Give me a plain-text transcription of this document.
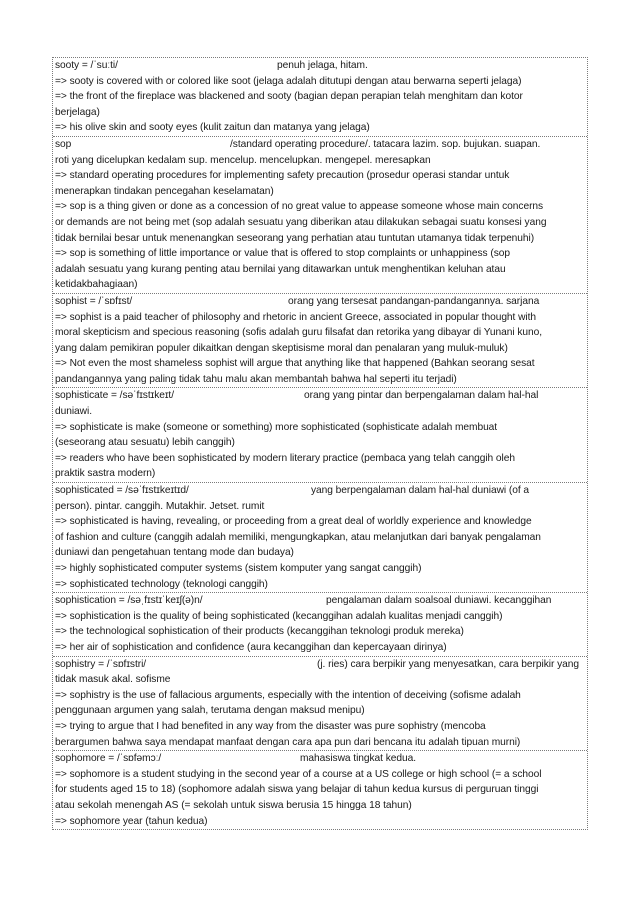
sooty = /ˈsuːti/	penuh jelaga, hitam.
=> sooty is covered with or colored like soot (jelaga adalah ditutupi dengan atau berwarna seperti jelaga)
=> the front of the fireplace was blackened and sooty (bagian depan perapian telah menghitam dan kotor
berjelaga)
=> his olive skin and sooty eyes (kulit zaitun dan matanya yang jelaga)
sop	/standard operating procedure/. tatacara lazim. sop. bujukan. suapan.
roti yang dicelupkan kedalam sup. mencelup. mencelupkan. mengepel. meresapkan
=> standard operating procedures for implementing safety precaution (prosedur operasi standar untuk
menerapkan tindakan pencegahan keselamatan)
=> sop is a thing given or done as a concession of no great value to appease someone whose main concerns
or demands are not being met (sop adalah sesuatu yang diberikan atau dilakukan sebagai suatu konsesi yang
tidak bernilai besar untuk menenangkan seseorang yang perhatian atau tuntutan utamanya tidak terpenuhi)
=> sop is something of little importance or value that is offered to stop complaints or unhappiness (sop
adalah sesuatu yang kurang penting atau bernilai yang ditawarkan untuk menghentikan keluhan atau
ketidakbahagiaan)
sophist = /ˈsɒfɪst/	orang yang tersesat pandangan-pandangannya. sarjana
=> sophist is a paid teacher of philosophy and rhetoric in ancient Greece, associated in popular thought with
moral skepticism and specious reasoning (sofis adalah guru filsafat dan retorika yang dibayar di Yunani kuno,
yang dalam pemikiran populer dikaitkan dengan skeptisisme moral dan penalaran yang muluk-muluk)
=> Not even the most shameless sophist will argue that anything like that happened (Bahkan seorang sesat
pandangannya yang paling tidak tahu malu akan membantah bahwa hal seperti itu terjadi)
sophisticate = /səˈfɪstɪkeɪt/	orang yang pintar dan berpengalaman dalam hal-hal
duniawi.
=> sophisticate is make (someone or something) more sophisticated (sophisticate adalah membuat
(seseorang atau sesuatu) lebih canggih)
=> readers who have been sophisticated by modern literary practice (pembaca yang telah canggih oleh
praktik sastra modern)
sophisticated = /səˈfɪstɪkeɪtɪd/	yang berpengalaman dalam hal-hal duniawi (of a
person). pintar. canggih. Mutakhir. Jetset. rumit
=> sophisticated is having, revealing, or proceeding from a great deal of worldly experience and knowledge
of fashion and culture (canggih adalah memiliki, mengungkapkan, atau melanjutkan dari banyak pengalaman
duniawi dan pengetahuan tentang mode dan budaya)
=> highly sophisticated computer systems (sistem komputer yang sangat canggih)
=> sophisticated technology (teknologi canggih)
sophistication = /səˌfɪstɪˈkeɪʃ(ə)n/	pengalaman dalam soalsoal duniawi. kecanggihan
=> sophistication is the quality of being sophisticated (kecanggihan adalah kualitas menjadi canggih)
=> the technological sophistication of their products (kecanggihan teknologi produk mereka)
=> her air of sophistication and confidence (aura kecanggihan dan kepercayaan dirinya)
sophistry = /ˈsɒfɪstri/	(j. ries) cara berpikir yang menyesatkan, cara berpikir yang
tidak masuk akal. sofisme
=> sophistry is the use of fallacious arguments, especially with the intention of deceiving (sofisme adalah
penggunaan argumen yang salah, terutama dengan maksud menipu)
=> trying to argue that I had benefited in any way from the disaster was pure sophistry (mencoba
berargumen bahwa saya mendapat manfaat dengan cara apa pun dari bencana itu adalah tipuan murni)
sophomore = /ˈsɒfəmɔː/	mahasiswa tingkat kedua.
=> sophomore is a student studying in the second year of a course at a US college or high school (= a school
for students aged 15 to 18) (sophomore adalah siswa yang belajar di tahun kedua kursus di perguruan tinggi
atau sekolah menengah AS (= sekolah untuk siswa berusia 15 hingga 18 tahun)
=> sophomore year (tahun kedua)
